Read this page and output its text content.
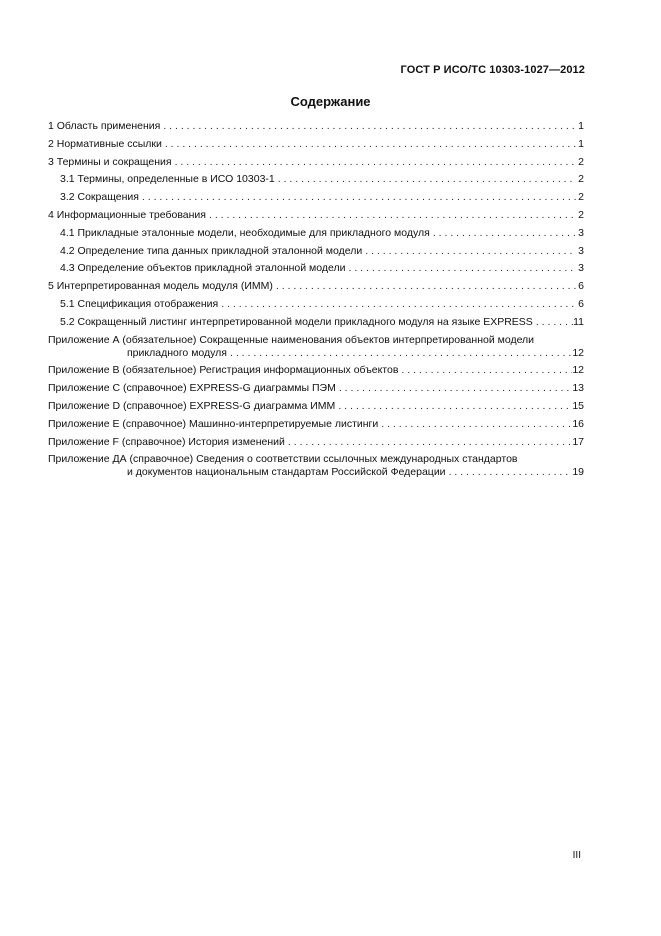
ГОСТ Р ИСО/ТС 10303-1027—2012
Содержание
1 Область применения . . .	1
2 Нормативные ссылки . . .	1
3 Термины и сокращения . . .	2
3.1 Термины, определенные в ИСО 10303-1 . . .	2
3.2 Сокращения . . .	2
4 Информационные требования . . .	2
4.1 Прикладные эталонные модели, необходимые для прикладного модуля . . .	3
4.2 Определение типа данных прикладной эталонной модели . . .	3
4.3 Определение объектов прикладной эталонной модели . . .	3
5 Интерпретированная модель модуля (ИММ) . . .	6
5.1 Спецификация отображения . . .	6
5.2 Сокращенный листинг интерпретированной модели прикладного модуля на языке EXPRESS . . .	11
Приложение А (обязательное) Сокращенные наименования объектов интерпретированной модели
прикладного модуля . . .	12
Приложение В (обязательное) Регистрация информационных объектов . . .	12
Приложение С (справочное) EXPRESS-G диаграммы ПЭМ . . .	13
Приложение D (справочное) EXPRESS-G диаграмма ИММ . . .	15
Приложение Е (справочное) Машинно-интерпретируемые листинги . . .	16
Приложение F (справочное) История изменений . . .	17
Приложение ДА (справочное) Сведения о соответствии ссылочных международных стандартов
и документов национальным стандартам Российской Федерации . . .	19
III
